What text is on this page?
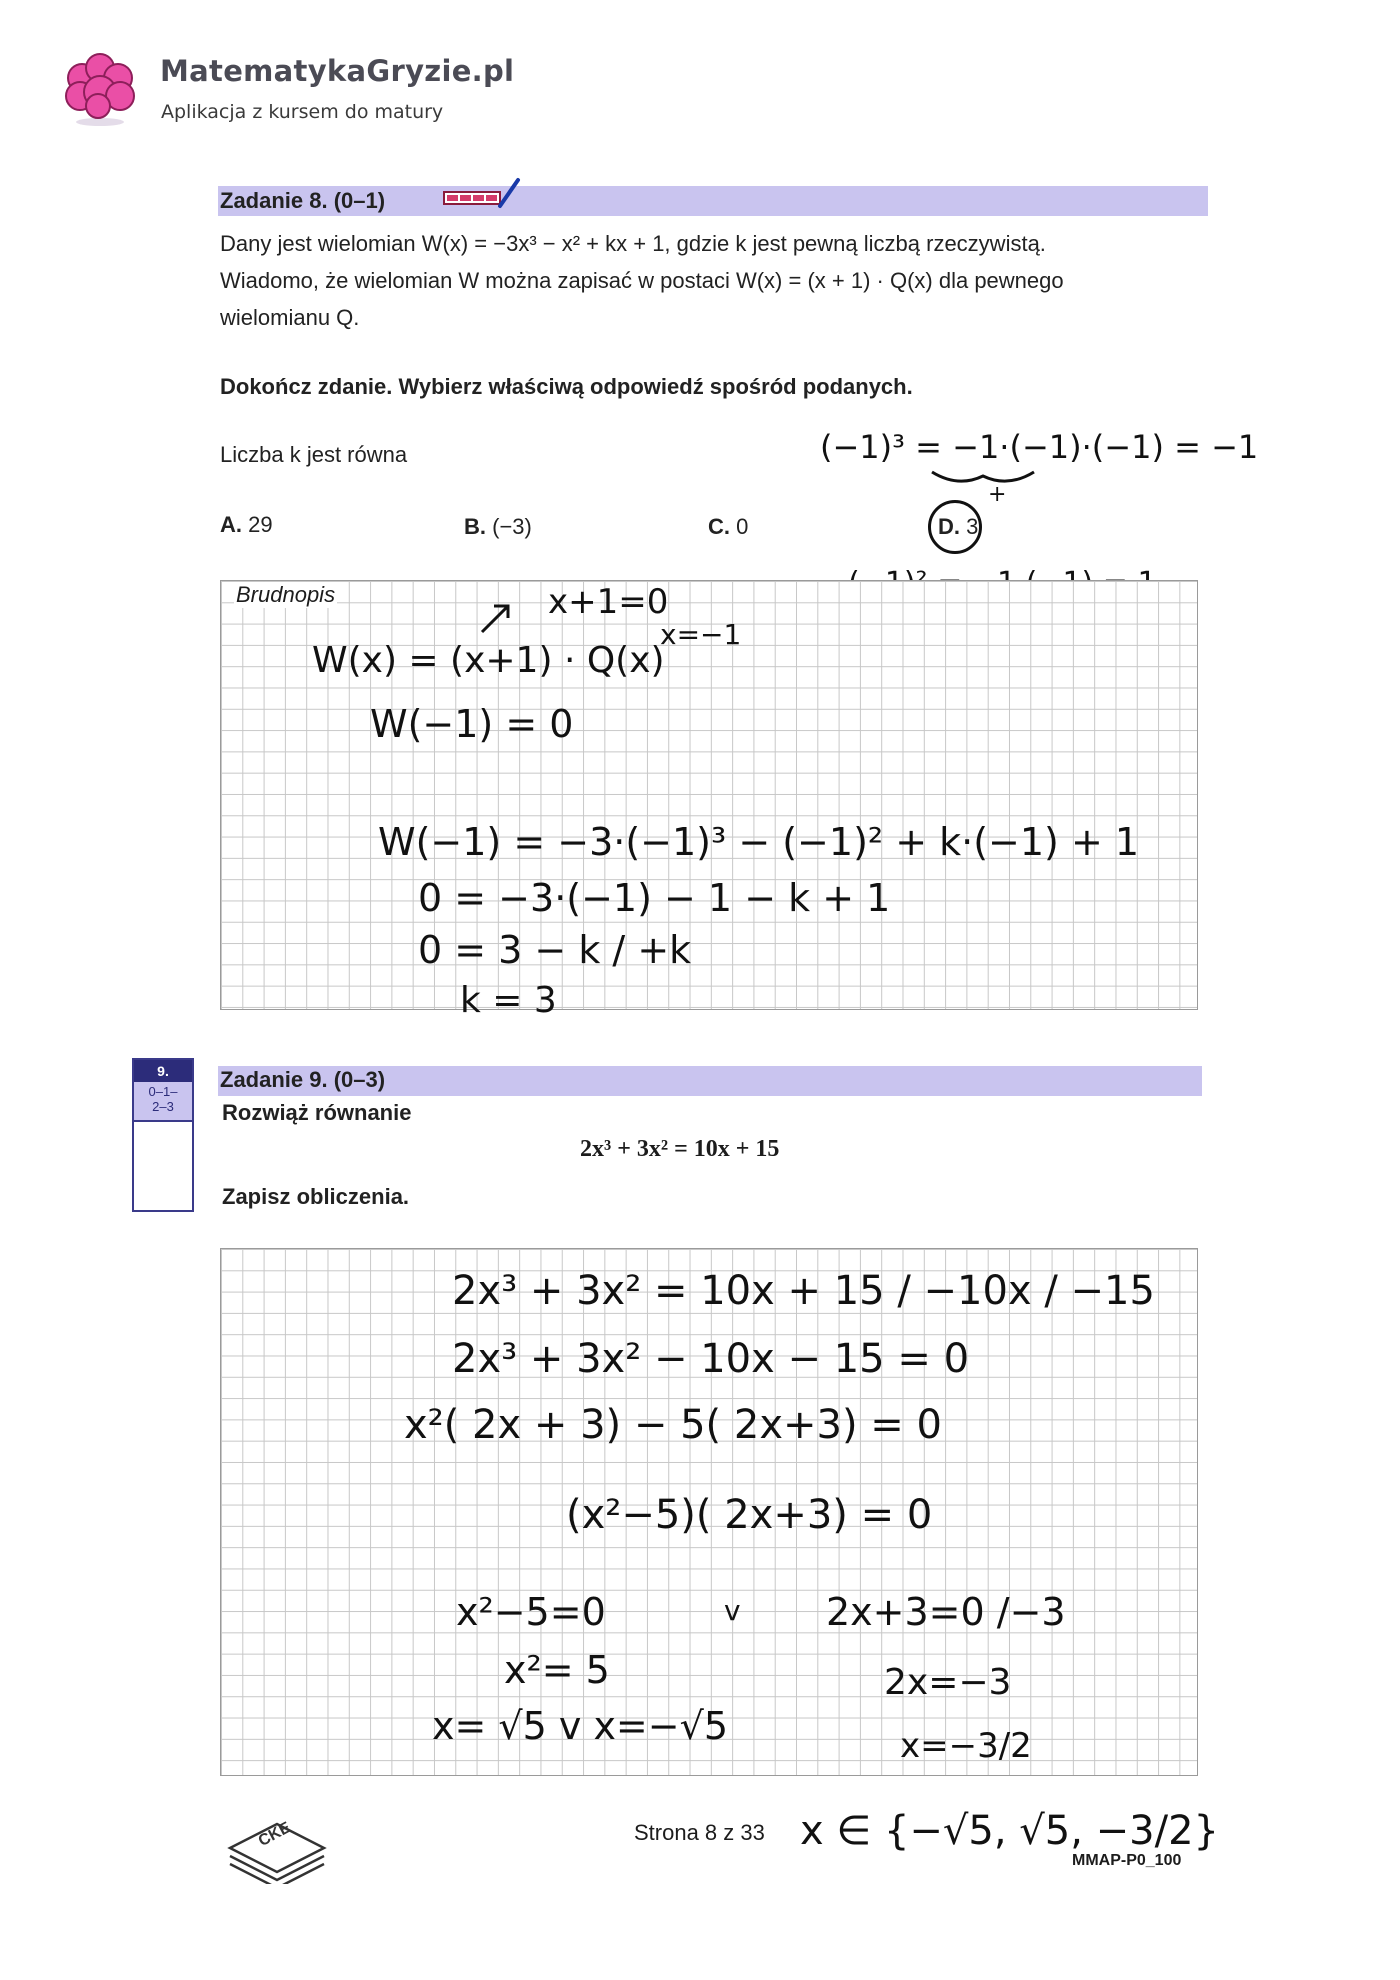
MatematykaGryzie.pl
Aplikacja z kursem do matury
Zadanie 8. (0–1)
Dany jest wielomian W(x) = −3x³ − x² + kx + 1, gdzie k jest pewną liczbą rzeczywistą.
Wiadomo, że wielomian W można zapisać w postaci W(x) = (x + 1) · Q(x) dla pewnego
wielomianu Q.
Dokończ zdanie. Wybierz właściwą odpowiedź spośród podanych.
Liczba k jest równa
A. 29	B. (−3)	C. 0	D. 3
(−1)³ = −1·(−1)·(−1) = −1
+
Brudnopis	x+1=0
x=−1
W(x) = (x+1) · Q(x)
W(−1) = 0
W(−1) = −3·(−1)³ − (−1)² + k·(−1) + 1
0 = −3·(−1) − 1 − k + 1
0 = 3 − k / +k
k = 3
9.
0–1–
2–3
Zadanie 9. (0–3)
Rozwiąż równanie
2x³ + 3x² = 10x + 15
Zapisz obliczenia.
2x³ + 3x² = 10x + 15 / −10x / −15
2x³ + 3x² − 10x − 15 = 0
x²( 2x + 3) − 5( 2x+3) = 0
(x²−5)( 2x+3) = 0
x²−5=0	v 2x+3=0 /−3
x²= 5	2x=−3
x= √5 v x=−√5	x=−3/2
CKE	Strona 8 z 33 x ∈ {−√5, √5, −3/2}
MMAP-P0_100
